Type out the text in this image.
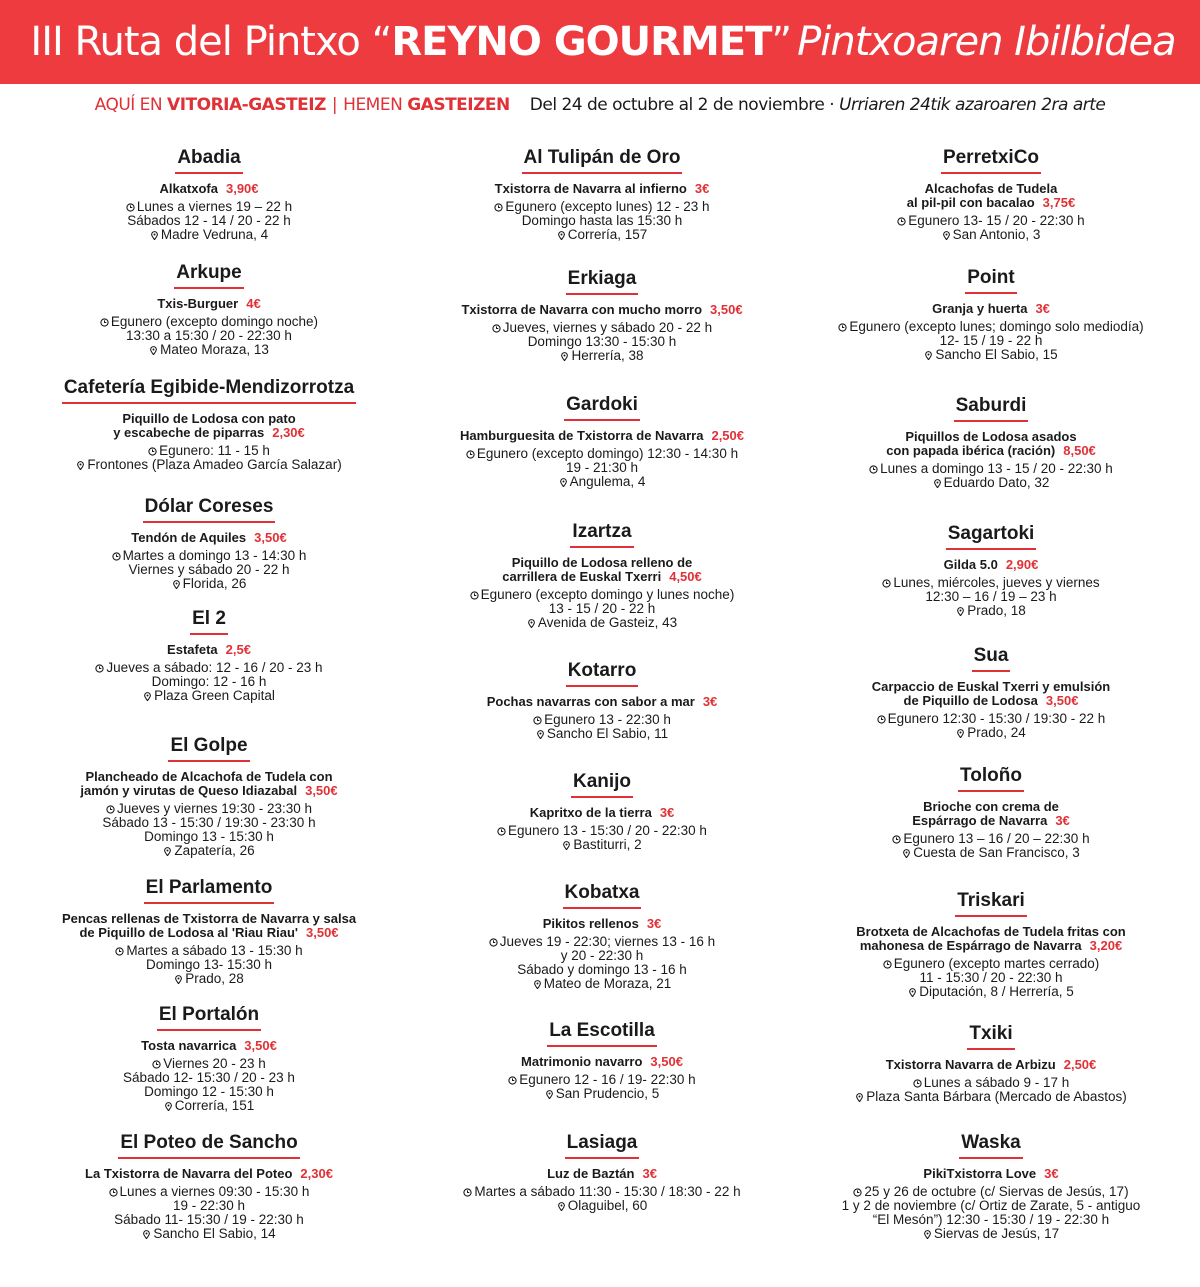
III Ruta del Pintxo “REYNO GOURMET” Pintxoaren Ibilbidea
AQUÍ EN VITORIA-GASTEIZ | HEMEN GASTEIZEN Del 24 de octubre al 2 de noviembre · Urriaren 24tik azaroaren 2ra arte
Abadia
Alkatxofa 3,90€
Lunes a viernes 19 – 22 h
Sábados 12 - 14 / 20 - 22 h
Madre Vedruna, 4
Arkupe
Txis-Burguer 4€
Egunero (excepto domingo noche)
13:30 a 15:30 / 20 - 22:30 h
Mateo Moraza, 13
Cafetería Egibide-Mendizorrotza
Piquillo de Lodosa con pato
y escabeche de piparras 2,30€
Egunero: 11 - 15 h
Frontones (Plaza Amadeo García Salazar)
Dólar Coreses
Tendón de Aquiles 3,50€
Martes a domingo 13 - 14:30 h
Viernes y sábado 20 - 22 h
Florida, 26
El 2
Estafeta 2,5€
Jueves a sábado: 12 - 16 / 20 - 23 h
Domingo: 12 - 16 h
Plaza Green Capital
El Golpe
Plancheado de Alcachofa de Tudela con
jamón y virutas de Queso Idiazabal 3,50€
Jueves y viernes 19:30 - 23:30 h
Sábado 13 - 15:30 / 19:30 - 23:30 h
Domingo 13 - 15:30 h
Zapatería, 26
El Parlamento
Pencas rellenas de Txistorra de Navarra y salsa
de Piquillo de Lodosa al 'Riau Riau' 3,50€
Martes a sábado 13 - 15:30 h
Domingo 13- 15:30 h
Prado, 28
El Portalón
Tosta navarrica 3,50€
Viernes 20 - 23 h
Sábado 12- 15:30 / 20 - 23 h
Domingo 12 - 15:30 h
Correría, 151
El Poteo de Sancho
La Txistorra de Navarra del Poteo 2,30€
Lunes a viernes 09:30 - 15:30 h
19 - 22:30 h
Sábado 11- 15:30 / 19 - 22:30 h
Sancho El Sabio, 14
Al Tulipán de Oro
Txistorra de Navarra al infierno 3€
Egunero (excepto lunes) 12 - 23 h
Domingo hasta las 15:30 h
Correría, 157
Erkiaga
Txistorra de Navarra con mucho morro 3,50€
Jueves, viernes y sábado 20 - 22 h
Domingo 13:30 - 15:30 h
Herrería, 38
Gardoki
Hamburguesita de Txistorra de Navarra 2,50€
Egunero (excepto domingo) 12:30 - 14:30 h
19 - 21:30 h
Angulema, 4
Izartza
Piquillo de Lodosa relleno de
carrillera de Euskal Txerri 4,50€
Egunero (excepto domingo y lunes noche)
13 - 15 / 20 - 22 h
Avenida de Gasteiz, 43
Kotarro
Pochas navarras con sabor a mar 3€
Egunero 13 - 22:30 h
Sancho El Sabio, 11
Kanijo
Kapritxo de la tierra 3€
Egunero 13 - 15:30 / 20 - 22:30 h
Bastiturri, 2
Kobatxa
Pikitos rellenos 3€
Jueves 19 - 22:30; viernes 13 - 16 h
y 20 - 22:30 h
Sábado y domingo 13 - 16 h
Mateo de Moraza, 21
La Escotilla
Matrimonio navarro 3,50€
Egunero 12 - 16 / 19- 22:30 h
San Prudencio, 5
Lasiaga
Luz de Baztán 3€
Martes a sábado 11:30 - 15:30 / 18:30 - 22 h
Olaguibel, 60
PerretxiCo
Alcachofas de Tudela
al pil-pil con bacalao 3,75€
Egunero 13- 15 / 20 - 22:30 h
San Antonio, 3
Point
Granja y huerta 3€
Egunero (excepto lunes; domingo solo mediodía)
12- 15 / 19 - 22 h
Sancho El Sabio, 15
Saburdi
Piquillos de Lodosa asados
con papada ibérica (ración) 8,50€
Lunes a domingo 13 - 15 / 20 - 22:30 h
Eduardo Dato, 32
Sagartoki
Gilda 5.0 2,90€
Lunes, miércoles, jueves y viernes
12:30 – 16 / 19 – 23 h
Prado, 18
Sua
Carpaccio de Euskal Txerri y emulsión
de Piquillo de Lodosa 3,50€
Egunero 12:30 - 15:30 / 19:30 - 22 h
Prado, 24
Toloño
Brioche con crema de
Espárrago de Navarra 3€
Egunero 13 – 16 / 20 – 22:30 h
Cuesta de San Francisco, 3
Triskari
Brotxeta de Alcachofas de Tudela fritas con
mahonesa de Espárrago de Navarra 3,20€
Egunero (excepto martes cerrado)
11 - 15:30 / 20 - 22:30 h
Diputación, 8 / Herrería, 5
Txiki
Txistorra Navarra de Arbizu 2,50€
Lunes a sábado 9 - 17 h
Plaza Santa Bárbara (Mercado de Abastos)
Waska
PikiTxistorra Love 3€
25 y 26 de octubre (c/ Siervas de Jesús, 17)
1 y 2 de noviembre (c/ Ortiz de Zarate, 5 - antiguo
“El Mesón”) 12:30 - 15:30 / 19 - 22:30 h
Siervas de Jesús, 17
